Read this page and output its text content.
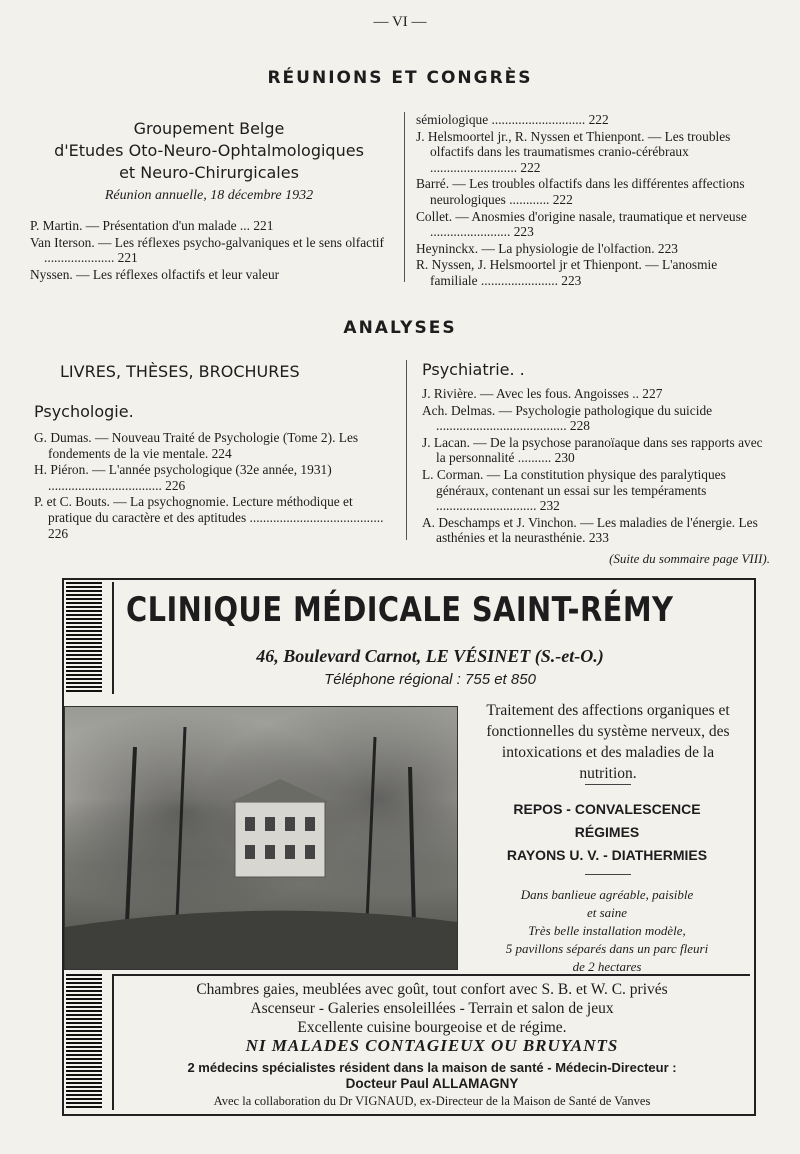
— VI —
RÉUNIONS ET CONGRÈS
Groupement Belge
d'Etudes Oto-Neuro-Ophtalmologiques
et Neuro-Chirurgicales
Réunion annuelle, 18 décembre 1932

P. Martin. — Présentation d'un malade ... 221

Van Iterson. — Les réflexes psycho-galvaniques et le sens olfactif ..................... 221

Nyssen. — Les réflexes olfactifs et leur valeur

sémiologique ............................ 222

J. Helsmoortel jr., R. Nyssen et Thienpont. — Les troubles olfactifs dans les traumatismes cranio-cérébraux .......................... 222

Barré. — Les troubles olfactifs dans les différentes affections neurologiques ............ 222

Collet. — Anosmies d'origine nasale, traumatique et nerveuse ........................ 223

Heyninckx. — La physiologie de l'olfaction. 223

R. Nyssen, J. Helsmoortel jr et Thienpont. — L'anosmie familiale ....................... 223

ANALYSES
LIVRES, THÈSES, BROCHURES
Psychologie.

G. Dumas. — Nouveau Traité de Psychologie (Tome 2). Les fondements de la vie mentale. 224

H. Piéron. — L'année psychologique (32e année, 1931) .................................. 226

P. et C. Bouts. — La psychognomie. Lecture méthodique et pratique du caractère et des aptitudes ........................................ 226

Psychiatrie. .

J. Rivière. — Avec les fous. Angoisses .. 227

Ach. Delmas. — Psychologie pathologique du suicide ....................................... 228

J. Lacan. — De la psychose paranoïaque dans ses rapports avec la personnalité .......... 230

L. Corman. — La constitution physique des paralytiques généraux, contenant un essai sur les tempéraments .............................. 232

A. Deschamps et J. Vinchon. — Les maladies de l'énergie. Les asthénies et la neurasthénie. 233

(Suite du sommaire page VIII).
CLINIQUE MÉDICALE SAINT-RÉMY
46, Boulevard Carnot, LE VÉSINET (S.-et-O.)
Téléphone régional : 755 et 850
Traitement des affections organiques et fonctionnelles du système nerveux, des intoxications et des maladies de la nutrition.
REPOS - CONVALESCENCE
RÉGIMES
RAYONS U. V. - DIATHERMIES
Dans banlieue agréable, paisible
et saine
Très belle installation modèle,
5 pavillons séparés dans un parc fleuri
de 2 hectares
Chambres gaies, meublées avec goût, tout confort avec S. B. et W. C. privés
Ascenseur - Galeries ensoleillées - Terrain et salon de jeux
Excellente cuisine bourgeoise et de régime.
NI MALADES CONTAGIEUX OU BRUYANTS
2 médecins spécialistes résident dans la maison de santé - Médecin-Directeur :
Docteur Paul ALLAMAGNY
Avec la collaboration du Dr VIGNAUD, ex-Directeur de la Maison de Santé de Vanves
